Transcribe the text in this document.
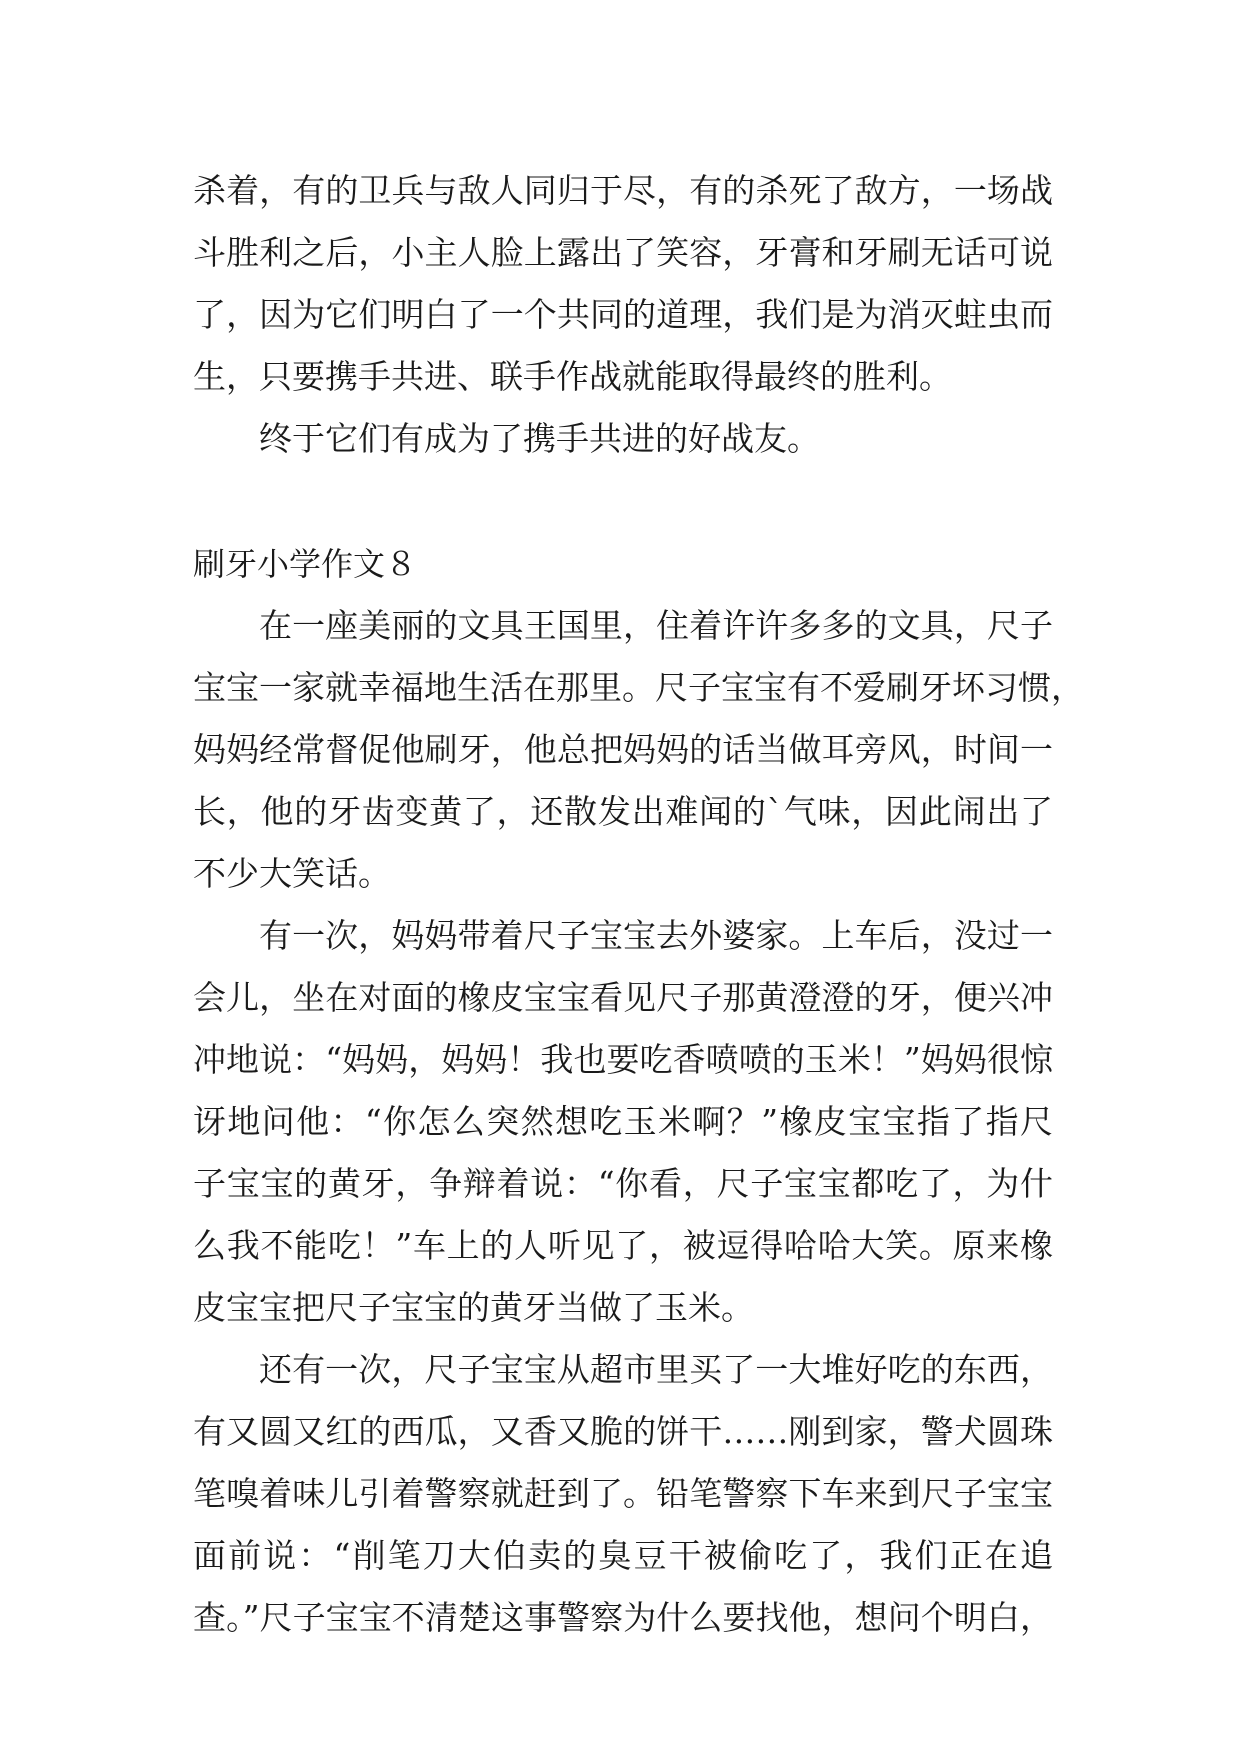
杀着，有的卫兵与敌人同归于尽，有的杀死了敌方，一场战
斗胜利之后，小主人脸上露出了笑容，牙膏和牙刷无话可说
了，因为它们明白了一个共同的道理，我们是为消灭蛀虫而
生，只要携手共进、联手作战就能取得最终的胜利。
终于它们有成为了携手共进的好战友。
刷牙小学作文８
在一座美丽的文具王国里，住着许许多多的文具，尺子
宝宝一家就幸福地生活在那里。尺子宝宝有不爱刷牙坏习惯，
妈妈经常督促他刷牙，他总把妈妈的话当做耳旁风，时间一
长，他的牙齿变黄了，还散发出难闻的`气味，因此闹出了
不少大笑话。
有一次，妈妈带着尺子宝宝去外婆家。上车后，没过一
会儿，坐在对面的橡皮宝宝看见尺子那黄澄澄的牙，便兴冲
冲地说：“妈妈，妈妈！我也要吃香喷喷的玉米！”妈妈很惊
讶地问他：“你怎么突然想吃玉米啊？”橡皮宝宝指了指尺
子宝宝的黄牙，争辩着说：“你看，尺子宝宝都吃了，为什
么我不能吃！”车上的人听见了，被逗得哈哈大笑。原来橡
皮宝宝把尺子宝宝的黄牙当做了玉米。
还有一次，尺子宝宝从超市里买了一大堆好吃的东西，
有又圆又红的西瓜，又香又脆的饼干……刚到家，警犬圆珠
笔嗅着味儿引着警察就赶到了。铅笔警察下车来到尺子宝宝
面前说：“削笔刀大伯卖的臭豆干被偷吃了，我们正在追
查。”尺子宝宝不清楚这事警察为什么要找他，想问个明白，
